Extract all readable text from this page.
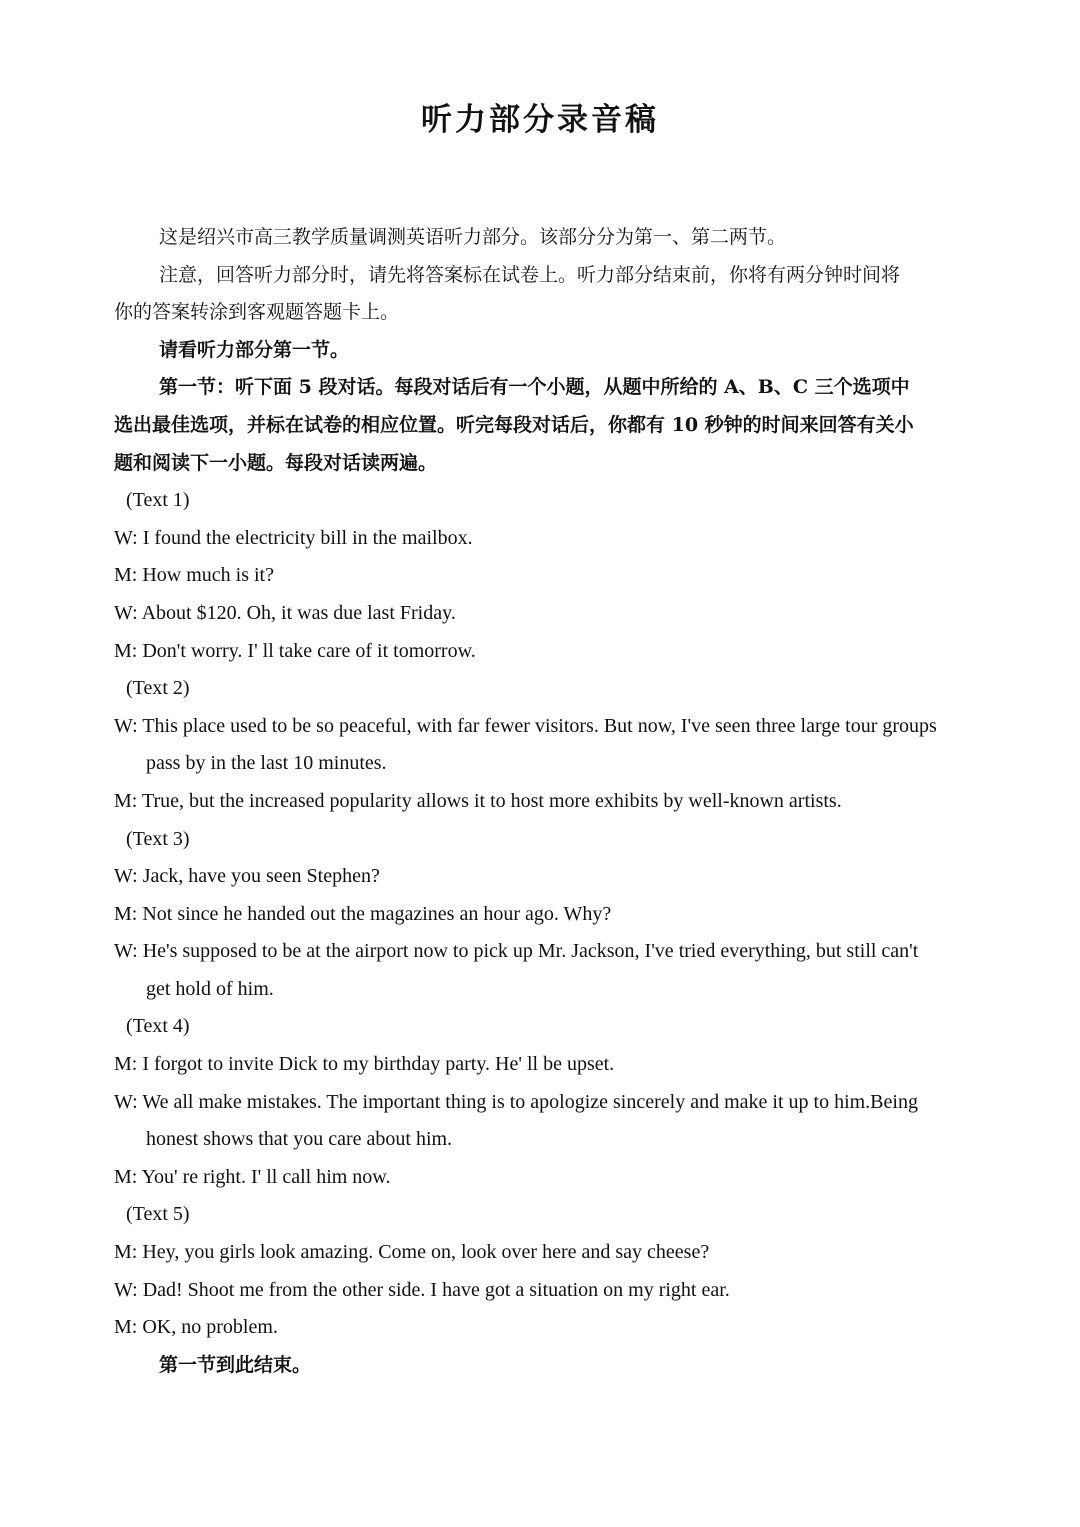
听力部分录音稿
这是绍兴市高三教学质量调测英语听力部分。该部分分为第一、第二两节。
注意，回答听力部分时，请先将答案标在试卷上。听力部分结束前，你将有两分钟时间将
你的答案转涂到客观题答题卡上。
请看听力部分第一节。
第一节：听下面 5 段对话。每段对话后有一个小题，从题中所给的 A、B、C 三个选项中
选出最佳选项，并标在试卷的相应位置。听完每段对话后，你都有 10 秒钟的时间来回答有关小
题和阅读下一小题。每段对话读两遍。
(Text 1)
W: I found the electricity bill in the mailbox.
M: How much is it?
W: About $120. Oh, it was due last Friday.
M: Don't worry. I' ll take care of it tomorrow.
(Text 2)
W: This place used to be so peaceful, with far fewer visitors. But now, I've seen three large tour groups
pass by in the last 10 minutes.
M: True, but the increased popularity allows it to host more exhibits by well-known artists.
(Text 3)
W: Jack, have you seen Stephen?
M: Not since he handed out the magazines an hour ago. Why?
W: He's supposed to be at the airport now to pick up Mr. Jackson, I've tried everything, but still can't
get hold of him.
(Text 4)
M: I forgot to invite Dick to my birthday party. He' ll be upset.
W: We all make mistakes. The important thing is to apologize sincerely and make it up to him.Being
honest shows that you care about him.
M: You' re right. I' ll call him now.
(Text 5)
M: Hey, you girls look amazing. Come on, look over here and say cheese?
W: Dad! Shoot me from the other side. I have got a situation on my right ear.
M: OK, no problem.
第一节到此结束。
